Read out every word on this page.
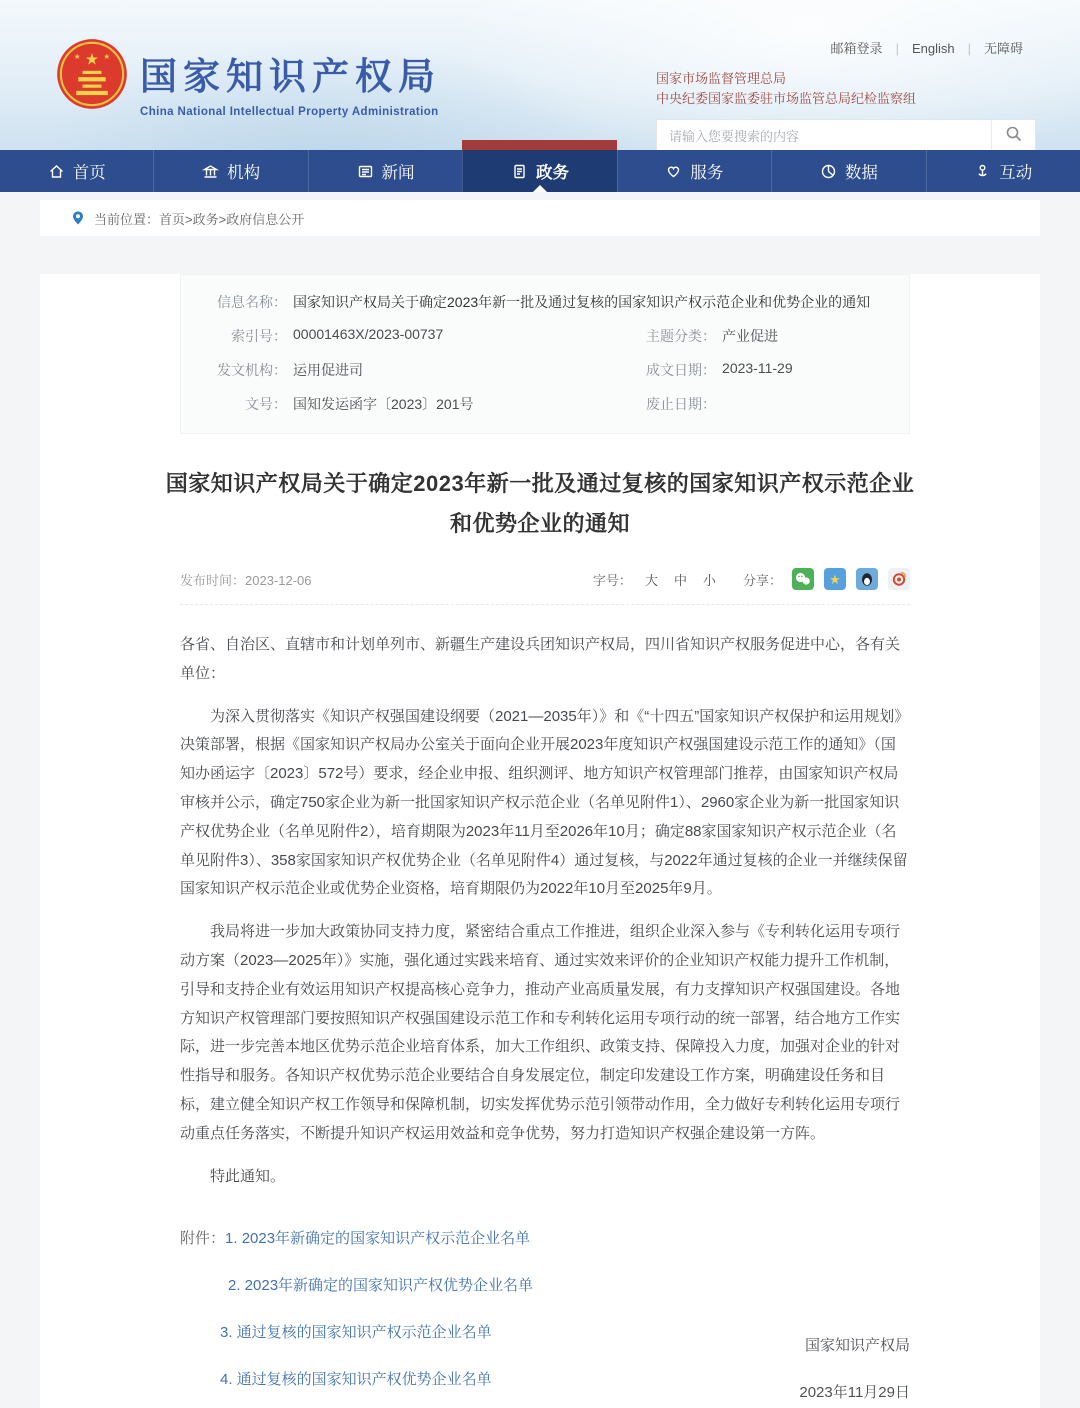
★
★	★ 国家知识产权局
China National Intellectual Property Administration
邮箱登录 | English | 无障碍
国家市场监督管理总局
中央纪委国家监委驻市场监管总局纪检监察组
请输入您要搜索的内容
首页	机构	新闻	政务	服务	数据	互动
当前位置： 首页>政务>政府信息公开
信息名称： 国家知识产权局关于确定2023年新一批及通过复核的国家知识产权示范企业和优势企业的通知
索引号： 00001463X/2023-00737	主题分类： 产业促进
发文机构： 运用促进司	成文日期： 2023-11-29
文号： 国知发运函字〔2023〕201号	废止日期：
国家知识产权局关于确定2023年新一批及通过复核的国家知识产权示范企业和优势企业的通知
发布时间：2023-12-06	字号： 大 中 小 分享：	★

各省、自治区、直辖市和计划单列市、新疆生产建设兵团知识产权局，四川省知识产权服务促进中心，各有关单位：

为深入贯彻落实《知识产权强国建设纲要（2021—2035年）》和《“十四五”国家知识产权保护和运用规划》决策部署，根据《国家知识产权局办公室关于面向企业开展2023年度知识产权强国建设示范工作的通知》（国知办函运字〔2023〕572号）要求，经企业申报、组织测评、地方知识产权管理部门推荐，由国家知识产权局审核并公示，确定750家企业为新一批国家知识产权示范企业（名单见附件1）、2960家企业为新一批国家知识产权优势企业（名单见附件2），培育期限为2023年11月至2026年10月；确定88家国家知识产权示范企业（名单见附件3）、358家国家知识产权优势企业（名单见附件4）通过复核，与2022年通过复核的企业一并继续保留国家知识产权示范企业或优势企业资格，培育期限仍为2022年10月至2025年9月。

我局将进一步加大政策协同支持力度，紧密结合重点工作推进，组织企业深入参与《专利转化运用专项行动方案（2023—2025年）》实施，强化通过实践来培育、通过实效来评价的企业知识产权能力提升工作机制，引导和支持企业有效运用知识产权提高核心竞争力，推动产业高质量发展，有力支撑知识产权强国建设。各地方知识产权管理部门要按照知识产权强国建设示范工作和专利转化运用专项行动的统一部署，结合地方工作实际，进一步完善本地区优势示范企业培育体系，加大工作组织、政策支持、保障投入力度，加强对企业的针对性指导和服务。各知识产权优势示范企业要结合自身发展定位，制定印发建设工作方案，明确建设任务和目标，建立健全知识产权工作领导和保障机制，切实发挥优势示范引领带动作用，全力做好专利转化运用专项行动重点任务落实，不断提升知识产权运用效益和竞争优势，努力打造知识产权强企建设第一方阵。

特此通知。

附件： 1. 2023年新确定的国家知识产权示范企业名单
2. 2023年新确定的国家知识产权优势企业名单
3. 通过复核的国家知识产权示范企业名单
4. 通过复核的国家知识产权优势企业名单
国家知识产权局
2023年11月29日
